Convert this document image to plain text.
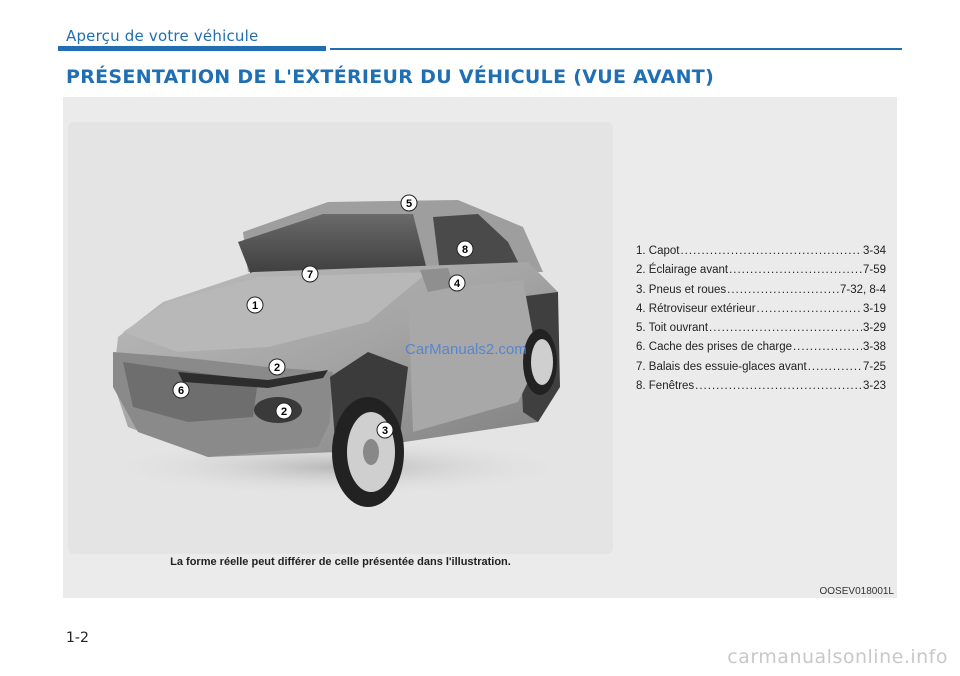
Aperçu de votre véhicule
PRÉSENTATION DE L'EXTÉRIEUR DU VÉHICULE (VUE AVANT)
1
2
2
3
4
5
6
7
8
CarManuals2.com
La forme réelle peut différer de celle présentée dans l'illustration.
OOSEV018001L
1. Capot .....	3-34
2. Éclairage avant .....	7-59
3. Pneus et roues .....	7-32, 8-4
4. Rétroviseur extérieur .....	3-19
5. Toit ouvrant .....	3-29
6. Cache des prises de charge .....	3-38
7. Balais des essuie-glaces avant .....	7-25
8. Fenêtres .....	3-23
1-2
carmanualsonline.info
